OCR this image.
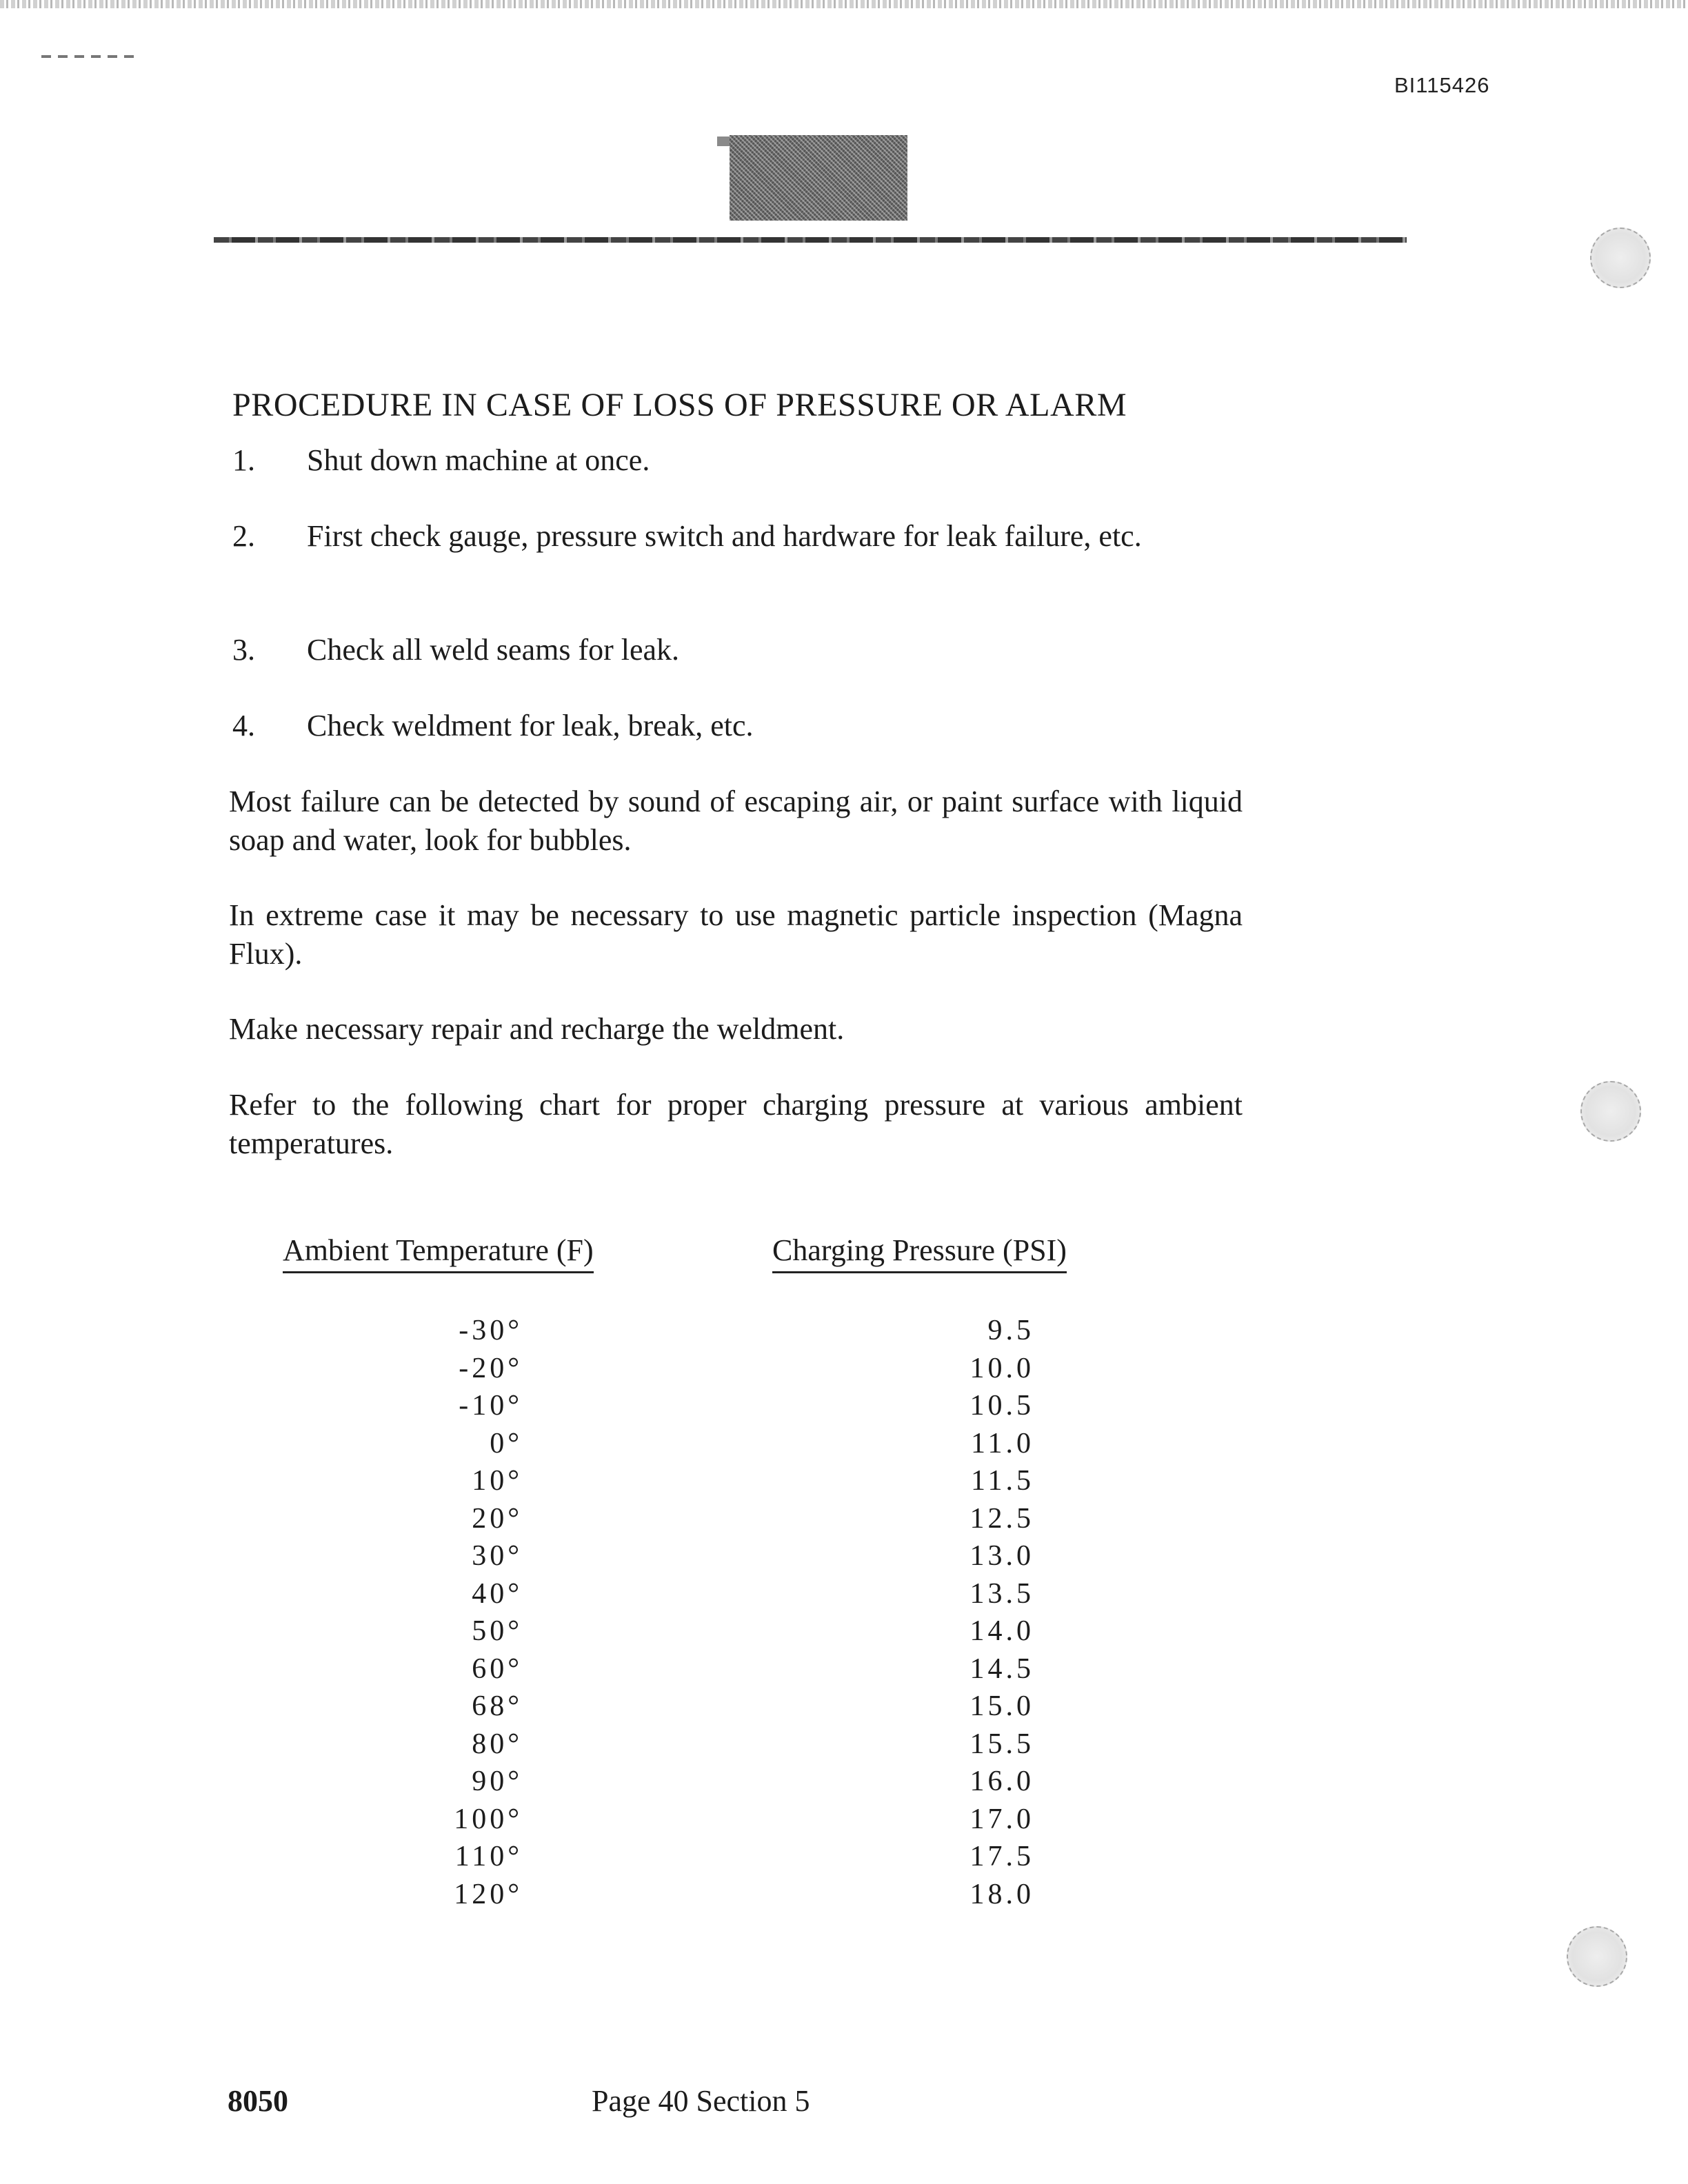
BI115426
PROCEDURE IN CASE OF LOSS OF PRESSURE OR ALARM
1. Shut down machine at once.
2. First check gauge, pressure switch and hardware for leak failure, etc.
3. Check all weld seams for leak.
4. Check weldment for leak, break, etc.
Most failure can be detected by sound of escaping air, or paint surface with liquid soap and water, look for bubbles.
In extreme case it may be necessary to use magnetic particle inspection (Magna Flux).
Make necessary repair and recharge the weldment.
Refer to the following chart for proper charging pressure at various ambient temperatures.
Ambient Temperature (F)	Charging Pressure (PSI)
-30°	9.5
-20°	10.0
-10°	10.5
0°	11.0
10°	11.5
20°	12.5
30°	13.0
40°	13.5
50°	14.0
60°	14.5
68°	15.0
80°	15.5
90°	16.0
100°	17.0
110°	17.5
120°	18.0
8050	Page 40 Section 5
